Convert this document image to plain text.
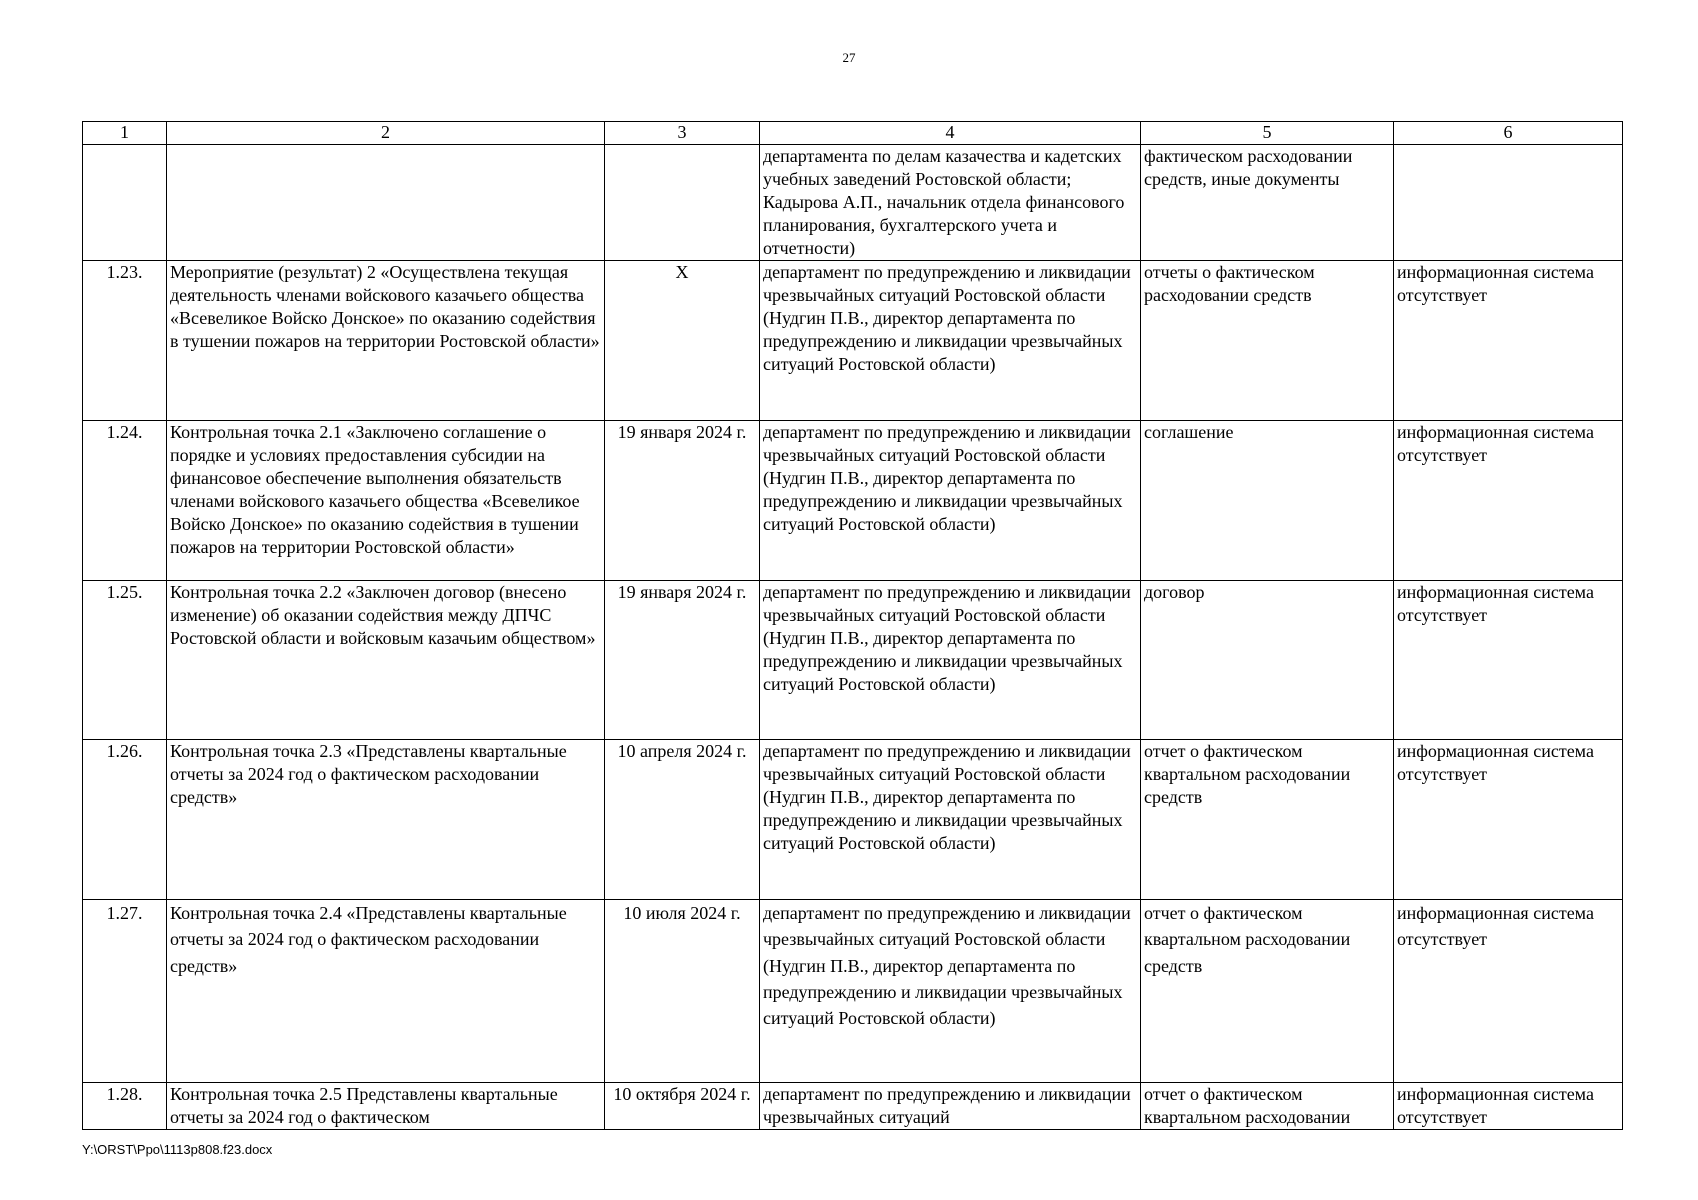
27
1	2	3	4	5	6
			департамента по делам казачества и кадетских учебных заведений Ростовской области; Кадырова А.П., начальник отдела финансового планирования, бухгалтерского учета и отчетности)	фактическом расходовании средств, иные документы	
1.23.	Мероприятие (результат) 2 «Осуществлена текущая деятельность членами войскового казачьего общества «Всевеликое Войско Донское» по оказанию содействия в тушении пожаров на территории Ростовской области»	X	департамент по предупреждению и ликвидации чрезвычайных ситуаций Ростовской области (Нудгин П.В., директор департамента по предупреждению и ликвидации чрезвычайных ситуаций Ростовской области)	отчеты о фактическом расходовании средств	информационная система отсутствует
1.24.	Контрольная точка 2.1 «Заключено соглашение о порядке и условиях предоставления субсидии на финансовое обеспечение выполнения обязательств членами войскового казачьего общества «Всевеликое Войско Донское» по оказанию содействия в тушении пожаров на территории Ростовской области»	19 января 2024 г.	департамент по предупреждению и ликвидации чрезвычайных ситуаций Ростовской области (Нудгин П.В., директор департамента по предупреждению и ликвидации чрезвычайных ситуаций Ростовской области)	соглашение	информационная система отсутствует
1.25.	Контрольная точка 2.2 «Заключен договор (внесено изменение) об оказании содействия между ДПЧС Ростовской области и войсковым казачьим обществом»	19 января 2024 г.	департамент по предупреждению и ликвидации чрезвычайных ситуаций Ростовской области (Нудгин П.В., директор департамента по предупреждению и ликвидации чрезвычайных ситуаций Ростовской области)	договор	информационная система отсутствует
1.26.	Контрольная точка 2.3 «Представлены квартальные отчеты за 2024 год о фактическом расходовании средств»	10 апреля 2024 г.	департамент по предупреждению и ликвидации чрезвычайных ситуаций Ростовской области (Нудгин П.В., директор департамента по предупреждению и ликвидации чрезвычайных ситуаций Ростовской области)	отчет о фактическом квартальном расходовании средств	информационная система отсутствует
1.27.	Контрольная точка 2.4 «Представлены квартальные отчеты за 2024 год о фактическом расходовании средств»	10 июля 2024 г.	департамент по предупреждению и ликвидации чрезвычайных ситуаций Ростовской области (Нудгин П.В., директор департамента по предупреждению и ликвидации чрезвычайных ситуаций Ростовской области)	отчет о фактическом квартальном расходовании средств	информационная система отсутствует
1.28.	Контрольная точка 2.5 Представлены квартальные отчеты за 2024 год о фактическом	10 октября 2024 г.	департамент по предупреждению и ликвидации чрезвычайных ситуаций	отчет о фактическом квартальном расходовании	информационная система отсутствует
Y:\ORST\Ppo\1113p808.f23.docx
